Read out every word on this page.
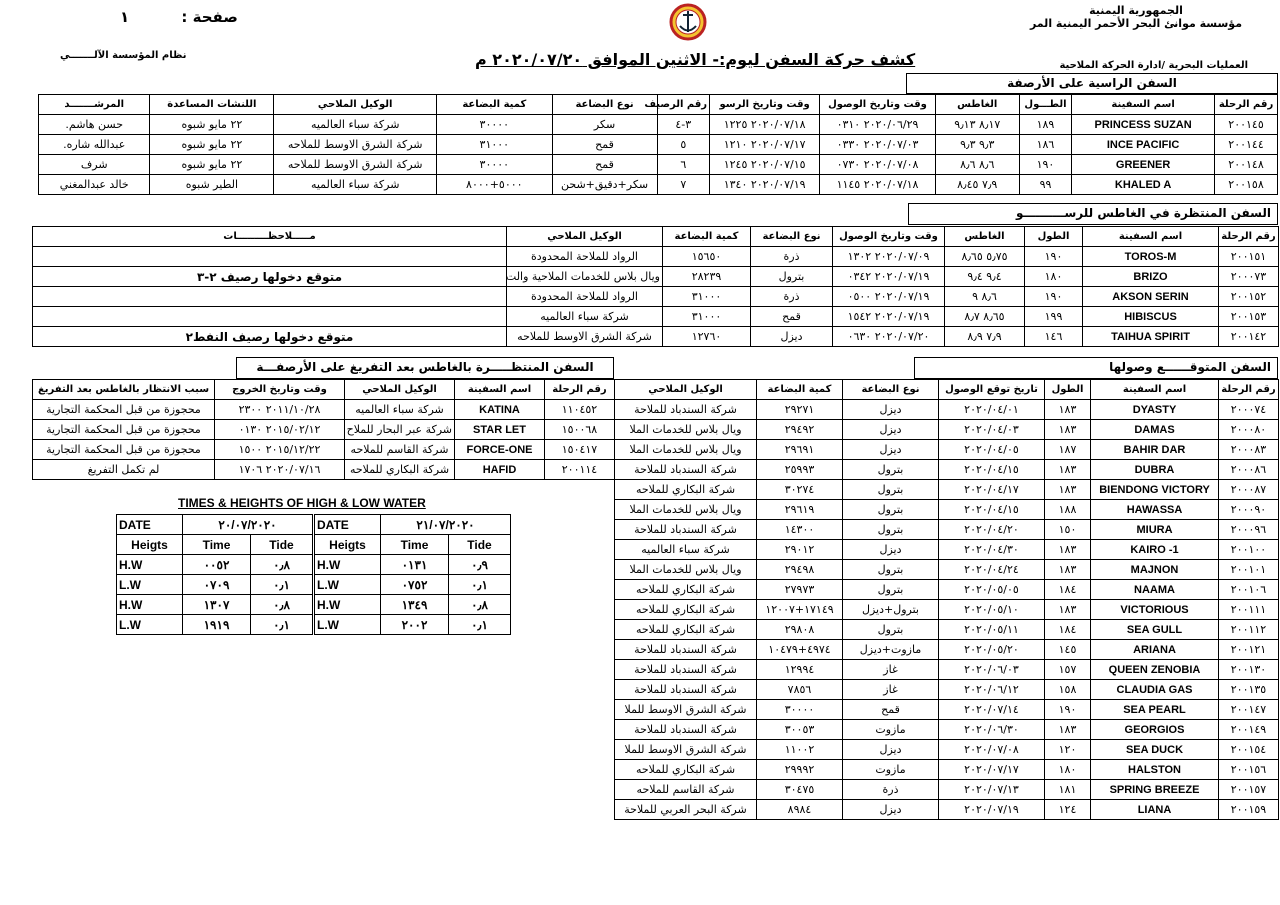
الجمهورية اليمنية
مؤسسة موانئ البحر الأحمر اليمنية المر
صفحة :          ١
نظام المؤسسة الآلـــــــي	كشف حركة السفن ليوم:- الاثنين الموافق ٢٠٢٠/٠٧/٢٠ م	العمليات البحرية /ادارة الحركة الملاحية
السفن الراسية على الأرصفة
رقم الرحلة	اسم السفينة	الطـــول	الغاطس	وقت وتاريخ الوصول	وقت وتاريخ الرسو	رقم الرصيف	نوع البضاعة	كمية البضاعة	الوكيل الملاحي	اللنشات المساعدة	المرشـــــــد
٢٠٠١٤٥	PRINCESS SUZAN	١٨٩	٨٫١٧ ٩٫١٣	٢٠٢٠/٠٦/٢٩ ٠٣١٠	٢٠٢٠/٠٧/١٨ ١٢٢٥	٣-٤	سكر	٣٠٠٠٠	شركة سباء العالميه	٢٢ مايو شبوه	حسن هاشم.
٢٠٠١٤٤	INCE PACIFIC	١٨٦	٩٫٣ ٩٫٣	٢٠٢٠/٠٧/٠٣ ٠٣٣٠	٢٠٢٠/٠٧/١٧ ١٢١٠	٥	قمح	٣١٠٠٠	شركة الشرق الاوسط للملاحه	٢٢ مايو شبوه	عبدالله شاره.
٢٠٠١٤٨	GREENER	١٩٠	٨٫٦ ٨٫٦	٢٠٢٠/٠٧/٠٨ ٠٧٣٠	٢٠٢٠/٠٧/١٥ ١٢٤٥	٦	قمح	٣٠٠٠٠	شركة الشرق الاوسط للملاحه	٢٢ مايو شبوه	شرف
٢٠٠١٥٨	KHALED A	٩٩	٧٫٩ ٨٫٤٥	٢٠٢٠/٠٧/١٨ ١١٤٥	٢٠٢٠/٠٧/١٩ ١٣٤٠	٧	سكر+دقيق+شحن	٥٠٠٠+٨٠٠٠	شركة سباء العالميه	الطير شبوه	خالد عبدالمغني
السفن المنتظرة في الغاطس للرســــــــــو
رقم الرحلة	اسم السفينة	الطول	الغاطس	وقت وتاريخ الوصول	نوع البضاعة	كمية البضاعة	الوكيل الملاحي	مـــــلاحظـــــــــات
٢٠٠١٥١	TOROS-M	١٩٠	٥٫٧٥ ٨٫٦٥	٢٠٢٠/٠٧/٠٩ ١٣٠٢	ذرة	١٥٦٥٠	الرواد للملاحة المحدودة	
٢٠٠٠٧٣	BRIZO	١٨٠	٩٫٤ ٩٫٤	٢٠٢٠/٠٧/١٩ ٠٣٤٢	بترول	٢٨٢٣٩	ويال بلاس للخدمات الملاحية والت	متوقع دخولها رصيف ٢-٣
٢٠٠١٥٢	AKSON SERIN	١٩٠	٨٫٦ ٩	٢٠٢٠/٠٧/١٩ ٠٥٠٠	ذرة	٣١٠٠٠	الرواد للملاحة المحدودة	
٢٠٠١٥٣	HIBISCUS	١٩٩	٨٫٦٥ ٨٫٧	٢٠٢٠/٠٧/١٩ ١٥٤٢	قمح	٣١٠٠٠	شركة سباء العالميه	
٢٠٠١٤٢	TAIHUA SPIRIT	١٤٦	٧٫٩ ٨٫٩	٢٠٢٠/٠٧/٢٠ ٠٦٣٠	ديزل	١٢٧٦٠	شركة الشرق الاوسط للملاحه	متوقع دخولها رصيف النفط٢
السفن المنتظـــــرة بالغاطس بعد التفريغ على الأرصفـــة
رقم الرحلة	اسم السفينة	الوكيل الملاحي	وقت وتاريخ الخروج	سبب الانتظار بالغاطس بعد التفريغ
١١٠٤٥٢	KATINA	شركة سباء العالميه	٢٠١١/١٠/٢٨ ٢٣٠٠	محجوزة من قبل المحكمة التجارية
١٥٠٠٦٨	STAR LET	شركة عبر البحار للملاح	٢٠١٥/٠٢/١٢ ٠١٣٠	محجوزة من قبل المحكمة التجارية
١٥٠٤١٧	FORCE-ONE	شركة القاسم للملاحه	٢٠١٥/١٢/٢٢ ١٥٠٠	محجوزة من قبل المحكمة التجارية
٢٠٠١١٤	HAFID	شركة البكاري للملاحه	٢٠٢٠/٠٧/١٦ ١٧٠٦	لم تكمل التفريغ
السفن المتوقــــــع وصولها
رقم الرحلة	اسم السفينة	الطول	تاريخ توقع الوصول	نوع البضاعة	كمية البضاعة	الوكيل الملاحي
٢٠٠٠٧٤	DYASTY	١٨٣	٢٠٢٠/٠٤/٠١	ديزل	٢٩٢٧١	شركة السندباد للملاحة
٢٠٠٠٨٠	DAMAS	١٨٣	٢٠٢٠/٠٤/٠٣	ديزل	٢٩٤٩٢	ويال بلاس للخدمات الملا
٢٠٠٠٨٣	BAHIR DAR	١٨٧	٢٠٢٠/٠٤/٠٥	ديزل	٢٩٦٩١	ويال بلاس للخدمات الملا
٢٠٠٠٨٦	DUBRA	١٨٣	٢٠٢٠/٠٤/١٥	بترول	٢٥٩٩٣	شركة السندباد للملاحة
٢٠٠٠٨٧	BIENDONG VICTORY	١٨٣	٢٠٢٠/٠٤/١٧	بترول	٣٠٢٧٤	شركة البكاري للملاحه
٢٠٠٠٩٠	HAWASSA	١٨٨	٢٠٢٠/٠٤/١٥	بترول	٢٩٦١٩	ويال بلاس للخدمات الملا
٢٠٠٠٩٦	MIURA	١٥٠	٢٠٢٠/٠٤/٢٠	بترول	١٤٣٠٠	شركة السندباد للملاحة
٢٠٠١٠٠	KAIRO -1	١٨٣	٢٠٢٠/٠٤/٣٠	ديزل	٢٩٠١٢	شركة سباء العالميه
٢٠٠١٠١	MAJNON	١٨٣	٢٠٢٠/٠٤/٢٤	بترول	٢٩٤٩٨	ويال بلاس للخدمات الملا
٢٠٠١٠٦	NAAMA	١٨٤	٢٠٢٠/٠٥/٠٥	بترول	٢٧٩٧٣	شركة البكاري للملاحه
٢٠٠١١١	VICTORIOUS	١٨٣	٢٠٢٠/٠٥/١٠	بترول+ديزل	١٧١٤٩+١٢٠٠٧	شركة البكاري للملاحه
٢٠٠١١٢	SEA GULL	١٨٤	٢٠٢٠/٠٥/١١	بترول	٢٩٨٠٨	شركة البكاري للملاحه
٢٠٠١٢١	ARIANA	١٤٥	٢٠٢٠/٠٥/٢٠	مازوت+ديزل	٤٩٧٤+١٠٤٧٩	شركة السندباد للملاحة
٢٠٠١٣٠	QUEEN ZENOBIA	١٥٧	٢٠٢٠/٠٦/٠٣	غاز	١٢٩٩٤	شركة السندباد للملاحة
٢٠٠١٣٥	CLAUDIA GAS	١٥٨	٢٠٢٠/٠٦/١٢	غاز	٧٨٥٦	شركة السندباد للملاحة
٢٠٠١٤٧	SEA PEARL	١٩٠	٢٠٢٠/٠٧/١٤	قمح	٣٠٠٠٠	شركة الشرق الاوسط للملا
٢٠٠١٤٩	GEORGIOS	١٨٣	٢٠٢٠/٠٦/٣٠	مازوت	٣٠٠٥٣	شركة السندباد للملاحة
٢٠٠١٥٤	SEA DUCK	١٢٠	٢٠٢٠/٠٧/٠٨	ديزل	١١٠٠٢	شركة الشرق الاوسط للملا
٢٠٠١٥٦	HALSTON	١٨٠	٢٠٢٠/٠٧/١٧	مازوت	٢٩٩٩٢	شركة البكاري للملاحه
٢٠٠١٥٧	SPRING BREEZE	١٨١	٢٠٢٠/٠٧/١٣	ذرة	٣٠٤٧٥	شركة القاسم للملاحه
٢٠٠١٥٩	LIANA	١٢٤	٢٠٢٠/٠٧/١٩	ديزل	٨٩٨٤	شركة البحر العربي للملاحة
TIMES & HEIGHTS OF HIGH & LOW WATER
DATE	٢٠/٠٧/٢٠٢٠	
Heigts	Time	Tide
H.W	٠٠٥٢	٠٫٨
L.W	٠٧٠٩	٠٫١
H.W	١٣٠٧	٠٫٨
L.W	١٩١٩	٠٫١
DATE	٢١/٠٧/٢٠٢٠	
Heigts	Time	Tide
H.W	٠١٣١	٠٫٩
L.W	٠٧٥٢	٠٫١
H.W	١٣٤٩	٠٫٨
L.W	٢٠٠٢	٠٫١
